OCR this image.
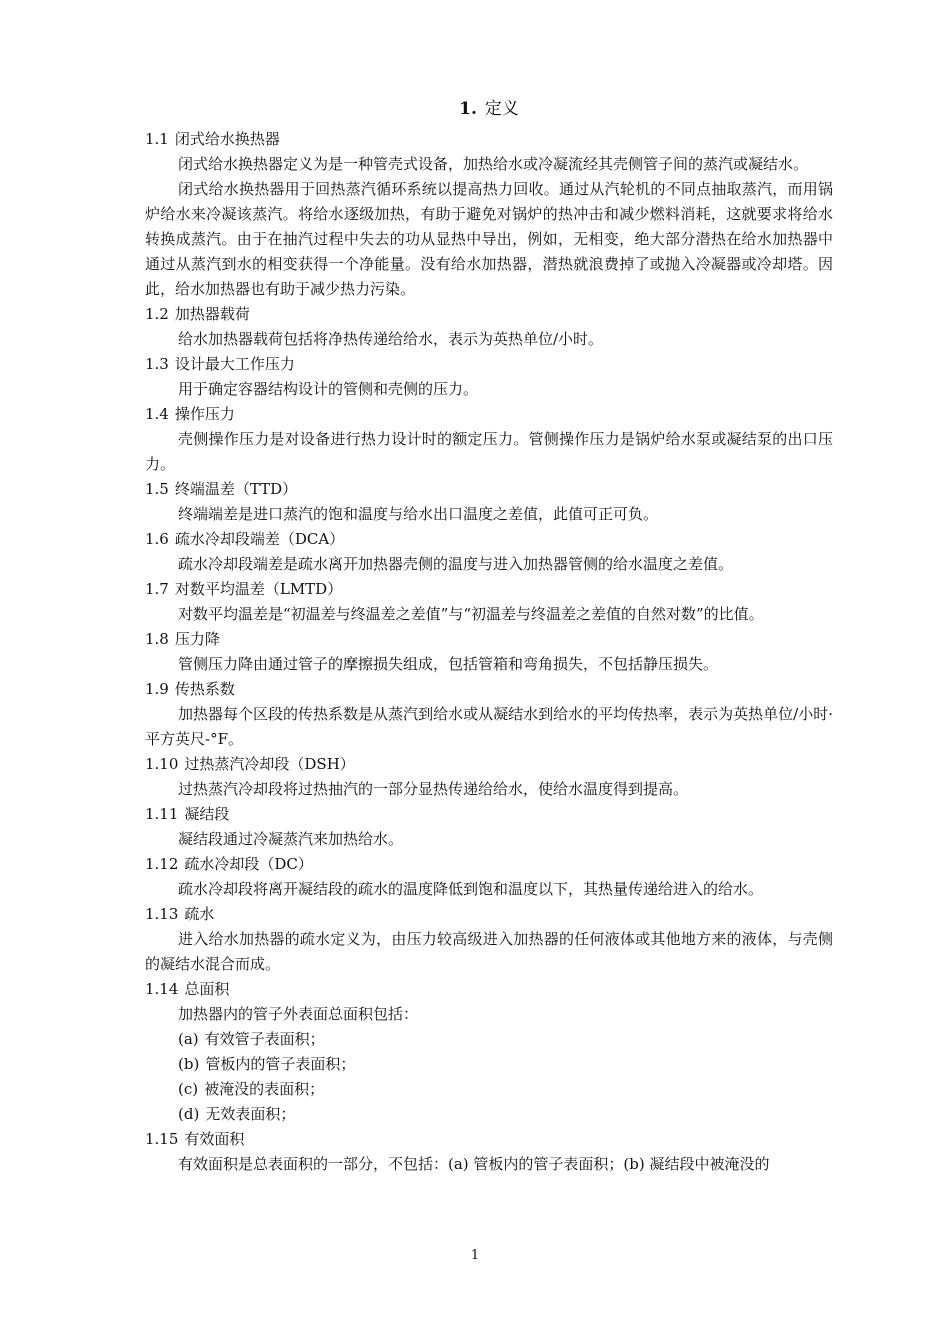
1. 定义

1.1 闭式给水换热器

闭式给水换热器定义为是一种管壳式设备，加热给水或冷凝流经其壳侧管子间的蒸汽或凝结水。

闭式给水换热器用于回热蒸汽循环系统以提高热力回收。通过从汽轮机的不同点抽取蒸汽，而用锅炉给水来冷凝该蒸汽。将给水逐级加热，有助于避免对锅炉的热冲击和减少燃料消耗，这就要求将给水转换成蒸汽。由于在抽汽过程中失去的功从显热中导出，例如，无相变，绝大部分潜热在给水加热器中通过从蒸汽到水的相变获得一个净能量。没有给水加热器，潜热就浪费掉了或抛入冷凝器或冷却塔。因此，给水加热器也有助于减少热力污染。

1.2 加热器载荷

给水加热器载荷包括将净热传递给给水，表示为英热单位/小时。

1.3 设计最大工作压力

用于确定容器结构设计的管侧和壳侧的压力。

1.4 操作压力

壳侧操作压力是对设备进行热力设计时的额定压力。管侧操作压力是锅炉给水泵或凝结泵的出口压力。

1.5 终端温差（TTD）

终端端差是进口蒸汽的饱和温度与给水出口温度之差值，此值可正可负。

1.6 疏水冷却段端差（DCA）

疏水冷却段端差是疏水离开加热器壳侧的温度与进入加热器管侧的给水温度之差值。

1.7 对数平均温差（LMTD）

对数平均温差是“初温差与终温差之差值”与“初温差与终温差之差值的自然对数”的比值。

1.8 压力降

管侧压力降由通过管子的摩擦损失组成，包括管箱和弯角损失，不包括静压损失。

1.9 传热系数

加热器每个区段的传热系数是从蒸汽到给水或从凝结水到给水的平均传热率，表示为英热单位/小时·平方英尺-°F。

1.10 过热蒸汽冷却段（DSH）

过热蒸汽冷却段将过热抽汽的一部分显热传递给给水，使给水温度得到提高。

1.11 凝结段

凝结段通过冷凝蒸汽来加热给水。

1.12 疏水冷却段（DC）

疏水冷却段将离开凝结段的疏水的温度降低到饱和温度以下，其热量传递给进入的给水。

1.13 疏水

进入给水加热器的疏水定义为，由压力较高级进入加热器的任何液体或其他地方来的液体，与壳侧的凝结水混合而成。

1.14 总面积

加热器内的管子外表面总面积包括：

(a) 有效管子表面积；
(b) 管板内的管子表面积；
(c) 被淹没的表面积；
(d) 无效表面积；

1.15 有效面积

有效面积是总表面积的一部分，不包括：(a) 管板内的管子表面积；(b) 凝结段中被淹没的

1
